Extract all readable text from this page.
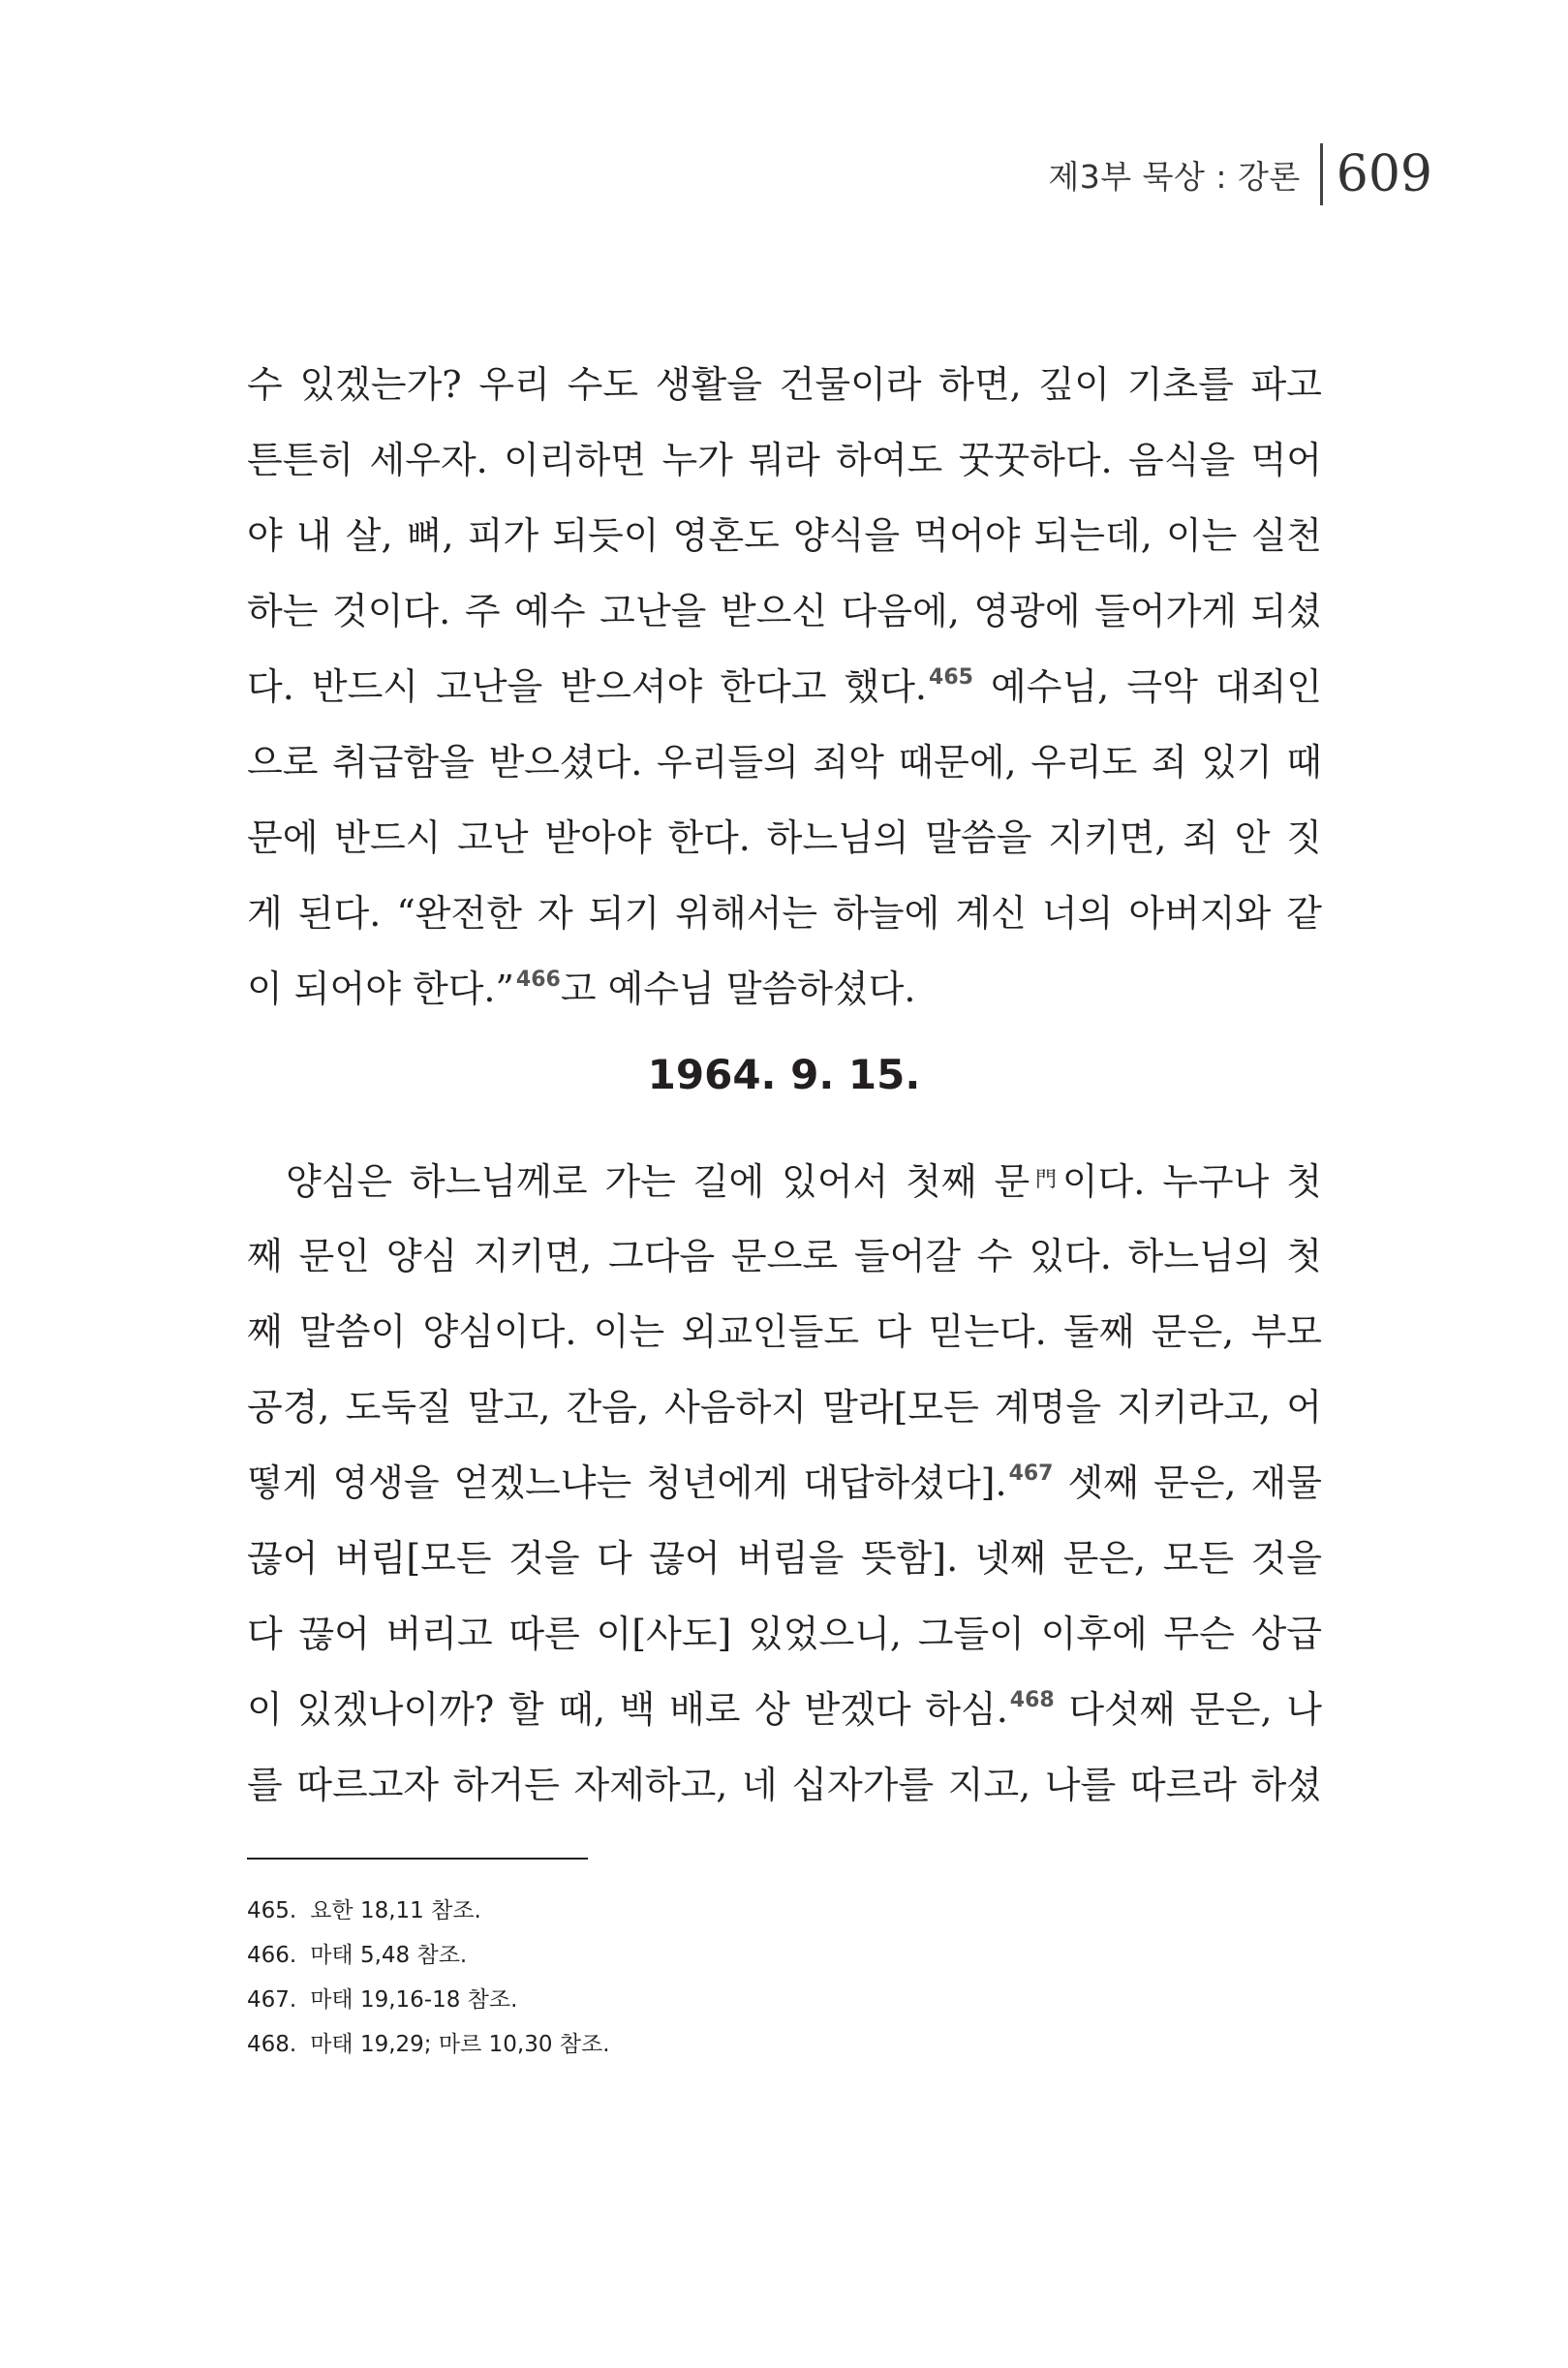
제3부 묵상 : 강론 609
수 있겠는가? 우리 수도 생활을 건물이라 하면, 깊이 기초를 파고
튼튼히 세우자. 이리하면 누가 뭐라 하여도 꿋꿋하다. 음식을 먹어
야 내 살, 뼈, 피가 되듯이 영혼도 양식을 먹어야 되는데, 이는 실천
하는 것이다. 주 예수 고난을 받으신 다음에, 영광에 들어가게 되셨
다. 반드시 고난을 받으셔야 한다고 했다.$^{465}$ 예수님, 극악 대죄인
으로 취급함을 받으셨다. 우리들의 죄악 때문에, 우리도 죄 있기 때
문에 반드시 고난 받아야 한다. 하느님의 말씀을 지키면, 죄 안 짓
게 된다. “완전한 자 되기 위해서는 하늘에 계신 너의 아버지와 같
이 되어야 한다.”$^{466}$고 예수님 말씀하셨다.
1964. 9. 15.
양심은 하느님께로 가는 길에 있어서 첫째 문$^門$이다. 누구나 첫
째 문인 양심 지키면, 그다음 문으로 들어갈 수 있다. 하느님의 첫
째 말씀이 양심이다. 이는 외교인들도 다 믿는다. 둘째 문은, 부모
공경, 도둑질 말고, 간음, 사음하지 말라[모든 계명을 지키라고, 어
떻게 영생을 얻겠느냐는 청년에게 대답하셨다].$^{467}$ 셋째 문은, 재물
끊어 버림[모든 것을 다 끊어 버림을 뜻함]. 넷째 문은, 모든 것을
다 끊어 버리고 따른 이[사도] 있었으니, 그들이 이후에 무슨 상급
이 있겠나이까? 할 때, 백 배로 상 받겠다 하심.$^{468}$ 다섯째 문은, 나
를 따르고자 하거든 자제하고, 네 십자가를 지고, 나를 따르라 하셨
465. 요한 18,11 참조.
466. 마태 5,48 참조.
467. 마태 19,16-18 참조.
468. 마태 19,29; 마르 10,30 참조.
